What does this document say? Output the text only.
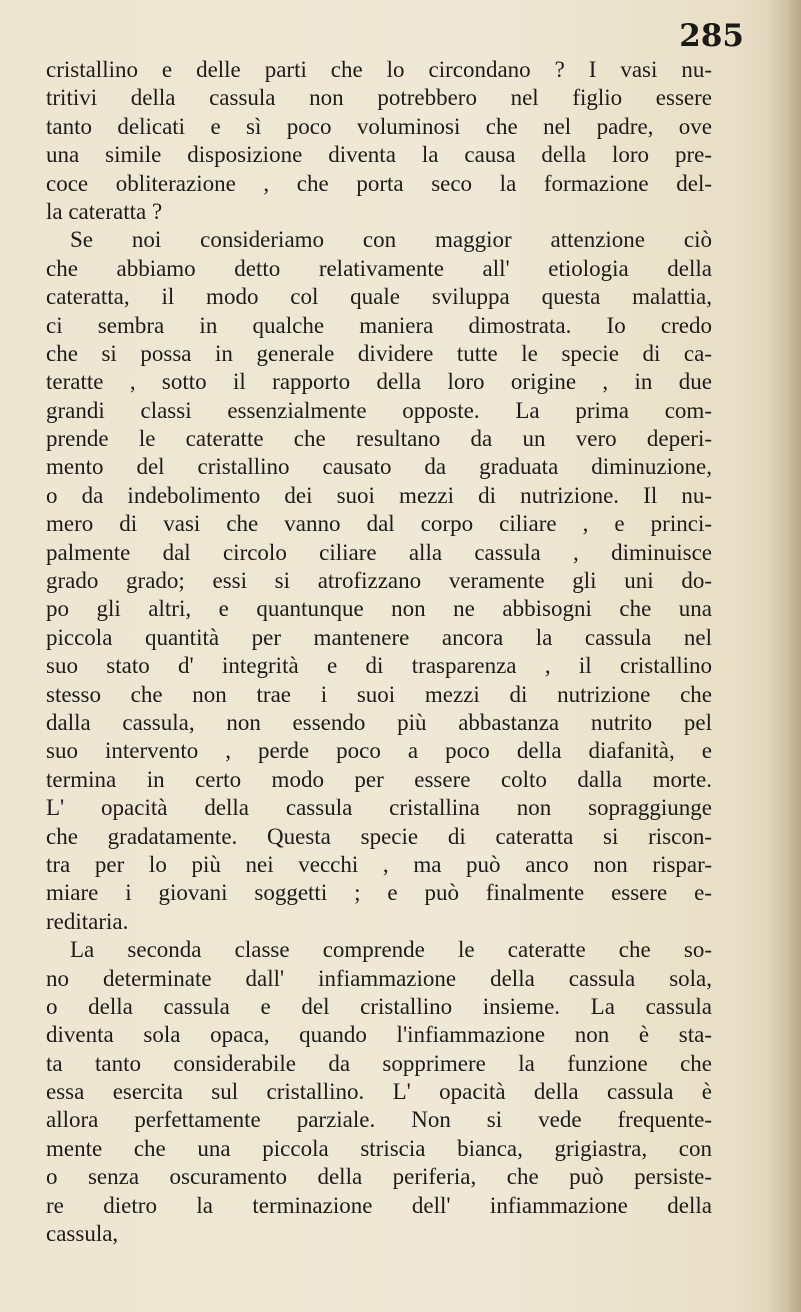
285
cristallino e delle parti che lo circondano ? I vasi nu-
tritivi della cassula non potrebbero nel figlio essere
tanto delicati e sì poco voluminosi che nel padre, ove
una simile disposizione diventa la causa della loro pre-
coce obliterazione , che porta seco la formazione del-
la cateratta ?
Se noi consideriamo con maggior attenzione ciò
che abbiamo detto relativamente all' etiologia della
cateratta, il modo col quale sviluppa questa malattia,
ci sembra in qualche maniera dimostrata. Io credo
che si possa in generale dividere tutte le specie di ca-
teratte , sotto il rapporto della loro origine , in due
grandi classi essenzialmente opposte. La prima com-
prende le cateratte che resultano da un vero deperi-
mento del cristallino causato da graduata diminuzione,
o da indebolimento dei suoi mezzi di nutrizione. Il nu-
mero di vasi che vanno dal corpo ciliare , e princi-
palmente dal circolo ciliare alla cassula , diminuisce
grado grado; essi si atrofizzano veramente gli uni do-
po gli altri, e quantunque non ne abbisogni che una
piccola quantità per mantenere ancora la cassula nel
suo stato d' integrità e di trasparenza , il cristallino
stesso che non trae i suoi mezzi di nutrizione che
dalla cassula, non essendo più abbastanza nutrito pel
suo intervento , perde poco a poco della diafanità, e
termina in certo modo per essere colto dalla morte.
L' opacità della cassula cristallina non sopraggiunge
che gradatamente. Questa specie di cateratta si riscon-
tra per lo più nei vecchi , ma può anco non rispar-
miare i giovani soggetti ; e può finalmente essere e-
reditaria.
La seconda classe comprende le cateratte che so-
no determinate dall' infiammazione della cassula sola,
o della cassula e del cristallino insieme. La cassula
diventa sola opaca, quando l'infiammazione non è sta-
ta tanto considerabile da sopprimere la funzione che
essa esercita sul cristallino. L' opacità della cassula è
allora perfettamente parziale. Non si vede frequente-
mente che una piccola striscia bianca, grigiastra, con
o senza oscuramento della periferia, che può persiste-
re dietro la terminazione dell' infiammazione della
cassula,
